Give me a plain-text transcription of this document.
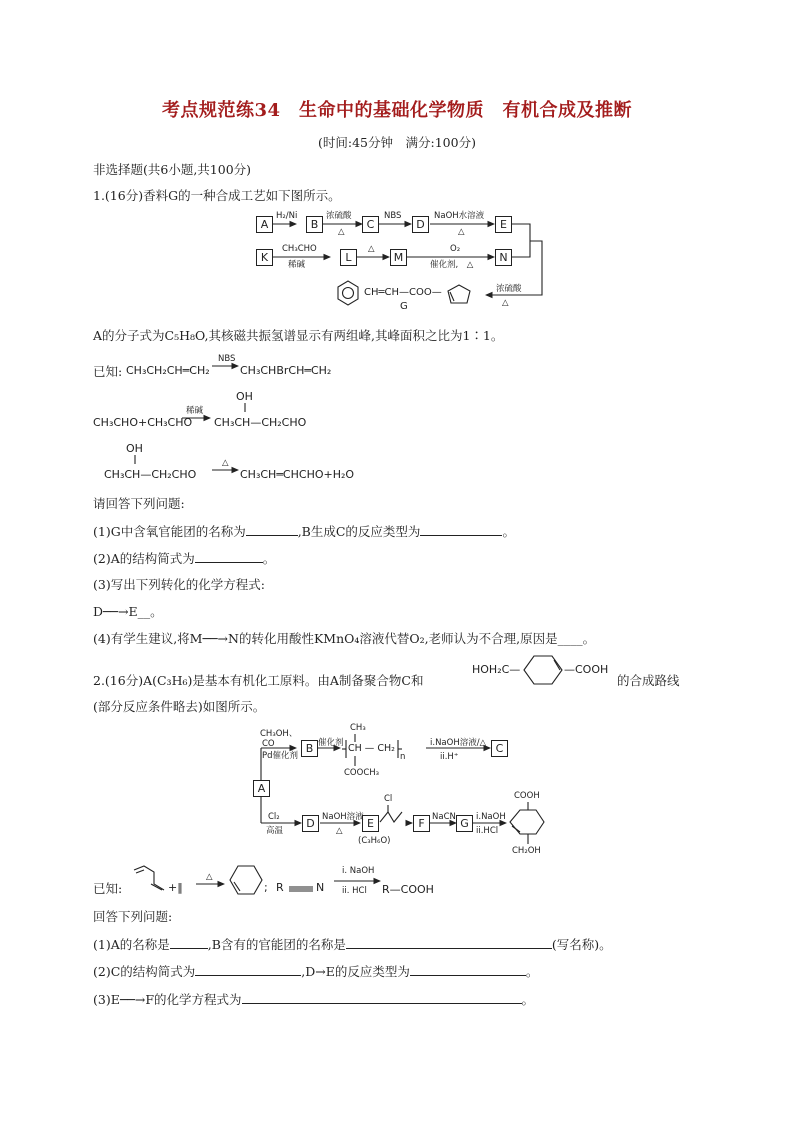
考点规范练34　生命中的基础化学物质　有机合成及推断
(时间:45分钟　满分:100分)
非选择题(共6小题,共100分)
1.(16分)香料G的一种合成工艺如下图所示。
A	B	C	D	E
K	L	M	N
H₂/Ni	浓硫酸
△
NBS	NaOH水溶液
△
CH₃CHO
稀碱
△	O₂
催化剂,　△
浓硫酸
△
CH═CH—COO—
G
A的分子式为C₅H₈O,其核磁共振氢谱显示有两组峰,其峰面积之比为1∶1。
已知: CH₃CH₂CH═CH₂
NBS
CH₃CHBrCH═CH₂
OH
CH₃CHO+CH₃CHO
稀碱
CH₃CH—CH₂CHO
OH
CH₃CH—CH₂CHO
△
CH₃CH═CHCHO+H₂O
请回答下列问题:
(1)G中含氧官能团的名称为	,B生成C的反应类型为	。
(2)A的结构简式为	。
(3)写出下列转化的化学方程式:
D──→E__。
(4)有学生建议,将M──→N的转化用酸性KMnO₄溶液代替O₂,老师认为不合理,原因是____。
2.(16分)A(C₃H₆)是基本有机化工原料。由A制备聚合物C和
HOH₂C—	—COOH
的合成路线
(部分反应条件略去)如图所示。
A
B	C
D	E	F	G
CH₃OH、
CO
Pd催化剂
催化剂
CH₃
CH — CH₂
n
COOCH₃
i.NaOH溶液/△
ii.H⁺
Cl₂
高温
NaOH溶液
△
(C₃H₆O)
Cl
NaCN i.NaOH
ii.HCl
COOH
CH₂OH
已知:	+‖
△
; R	N
i. NaOH
ii. HCl R—COOH
回答下列问题:
(1)A的名称是	,B含有的官能团的名称是	(写名称)。
(2)C的结构简式为	,D→E的反应类型为	。
(3)E──→F的化学方程式为	。
